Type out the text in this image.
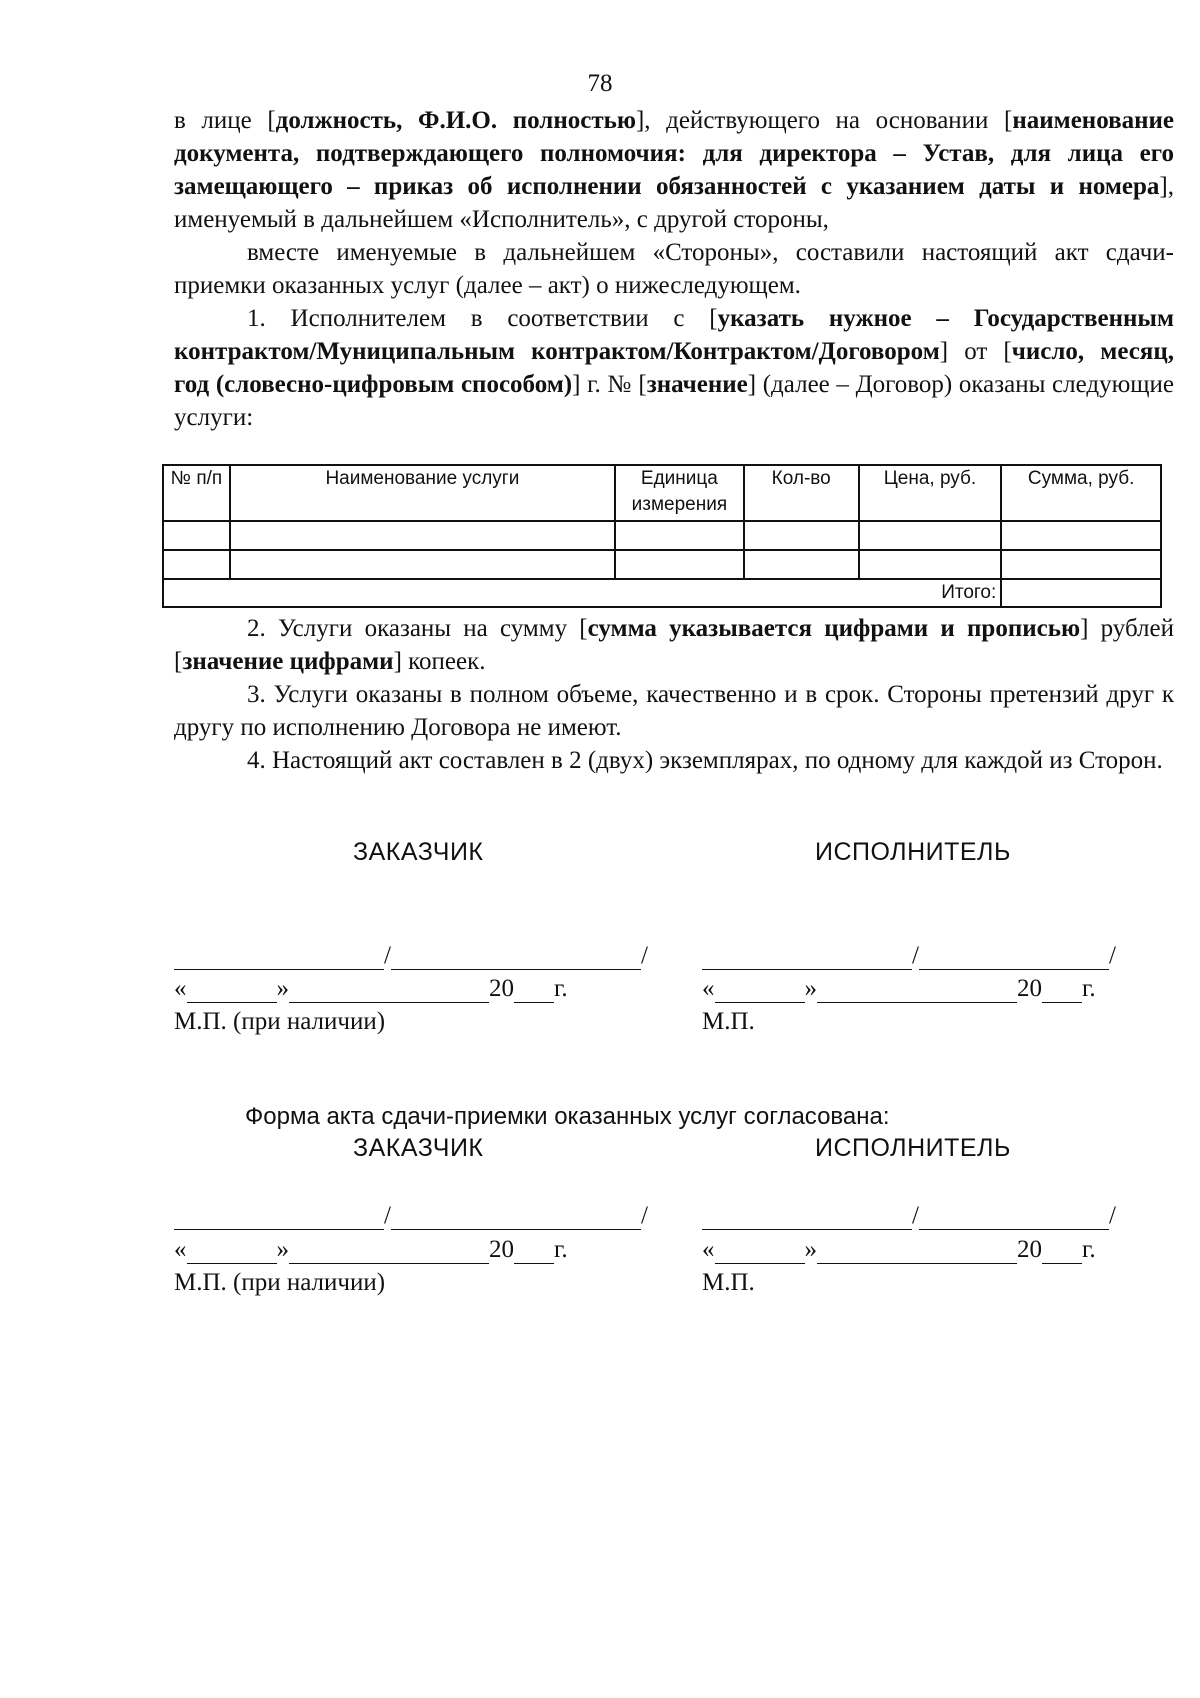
78

в лице [должность, Ф.И.О. полностью], действующего на основании [наименование документа, подтверждающего полномочия: для директора – Устав, для лица его замещающего – приказ об исполнении обязанностей с указанием даты и номера], именуемый в дальнейшем «Исполнитель», с другой стороны,

вместе именуемые в дальнейшем «Стороны», составили настоящий акт сдачи-приемки оказанных услуг (далее – акт) о нижеследующем.

1. Исполнителем в соответствии с [указать нужное – Государственным контрактом/Муниципальным контрактом/Контрактом/Договором] от [число, месяц, год (словесно-цифровым способом)] г. № [значение] (далее – Договор) оказаны следующие услуги:

№ п/п	Наименование услуги	Единица измерения	Кол-во	Цена, руб.	Сумма, руб.

Итого:					

2. Услуги оказаны на сумму [сумма указывается цифрами и прописью] рублей [значение цифрами] копеек.

3. Услуги оказаны в полном объеме, качественно и в срок. Стороны претензий друг к другу по исполнению Договора не имеют.

4. Настоящий акт составлен в 2 (двух) экземплярах, по одному для каждой из Сторон.

ЗАКАЗЧИК	ИСПОЛНИТЕЛЬ
/	/	/	/
«	»	20 г.	«	»	20 г.
М.П. (при наличии)	М.П.
Форма акта сдачи-приемки оказанных услуг согласована:
ЗАКАЗЧИК	ИСПОЛНИТЕЛЬ
/	/	/	/
«	»	20 г.	«	»	20 г.
М.П. (при наличии)	М.П.
